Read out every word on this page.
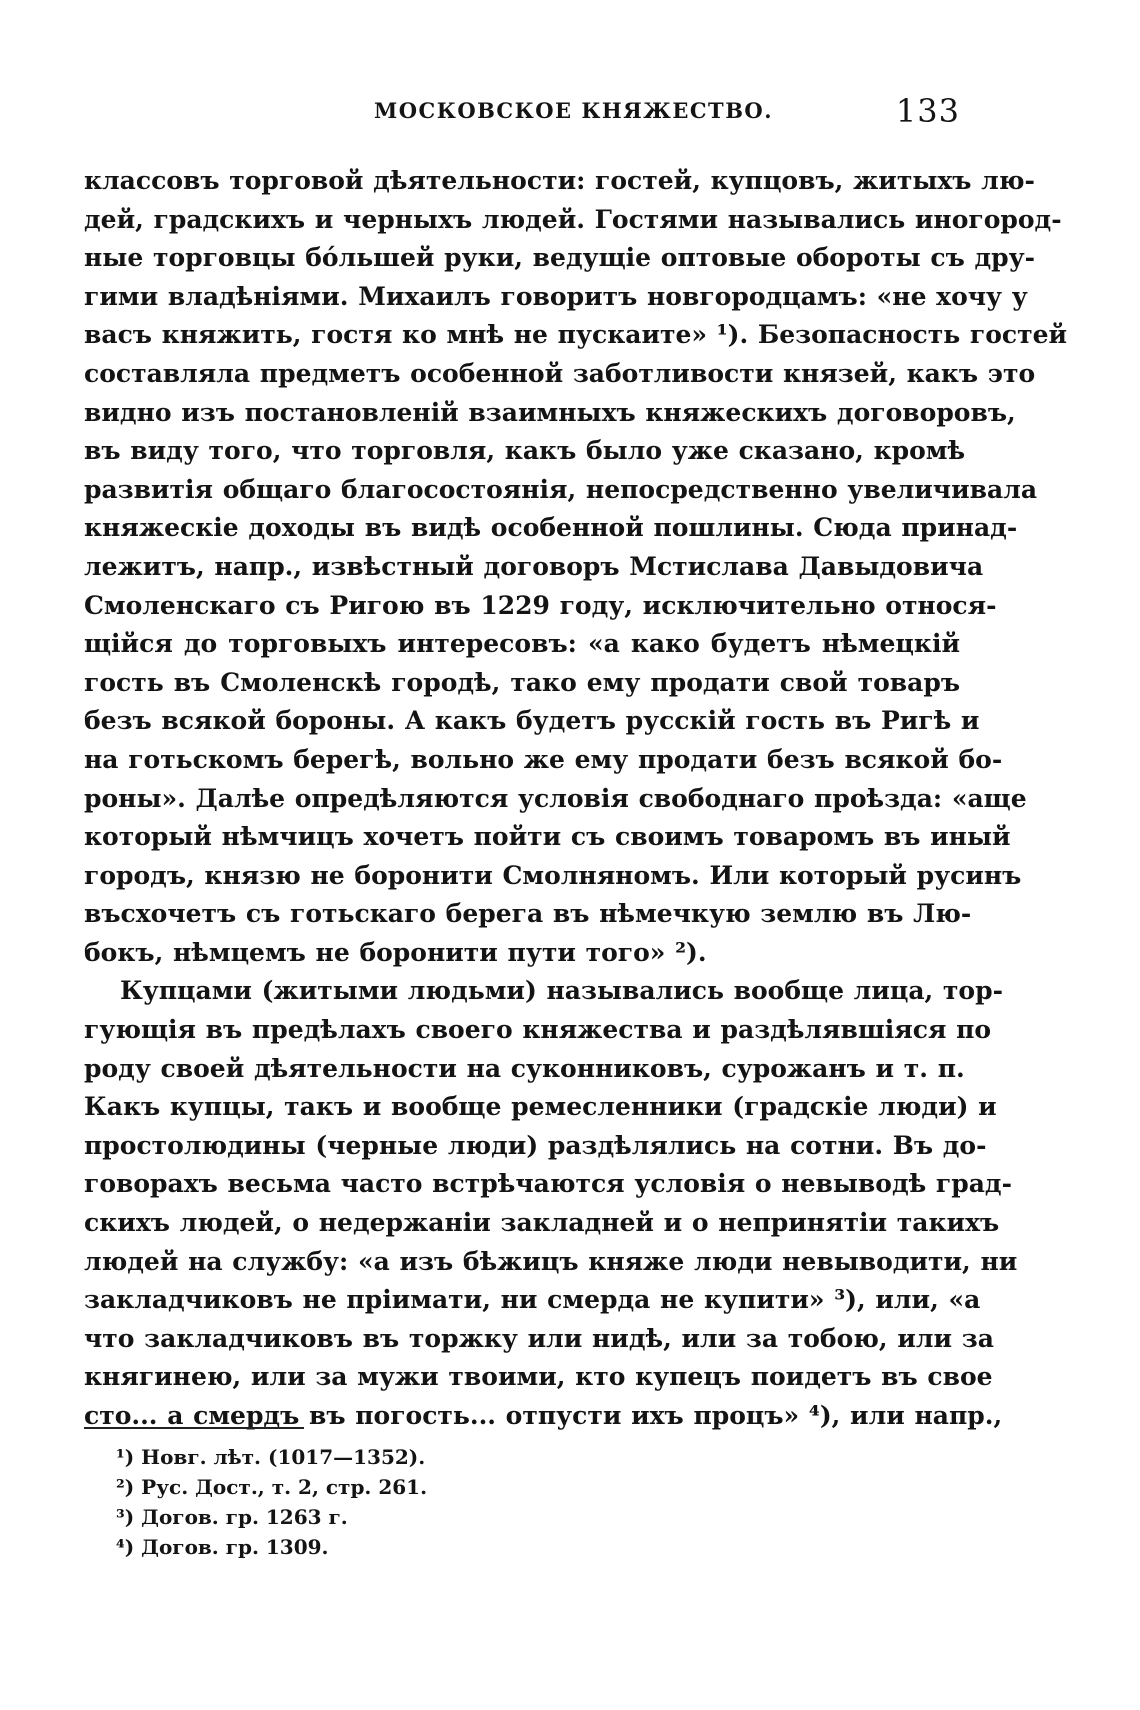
МОСКОВСКОЕ КНЯЖЕСТВО.	133
классовъ торговой дѣятельности: гостей, купцовъ, житыхъ лю-
дей, градскихъ и черныхъ людей. Гостями назывались иногород-
ные торговцы бóльшей руки, ведущіе оптовые обороты съ дру-
гими владѣніями. Михаилъ говоритъ новгородцамъ: «не хочу у
васъ княжить, гостя ко мнѣ не пускаите» ¹). Безопасность гостей
составляла предметъ особенной заботливости князей, какъ это
видно изъ постановленій взаимныхъ княжескихъ договоровъ,
въ виду того, что торговля, какъ было уже сказано, кромѣ
развитія общаго благосостоянія, непосредственно увеличивала
княжескіе доходы въ видѣ особенной пошлины. Сюда принад-
лежитъ, напр., извѣстный договоръ Мстислава Давыдовича
Смоленскаго съ Ригою въ 1229 году, исключительно относя-
щійся до торговыхъ интересовъ: «а како будетъ нѣмецкій
гость въ Смоленскѣ городѣ, тако ему продати свой товаръ
безъ всякой бороны. А какъ будетъ русскій гость въ Ригѣ и
на готьскомъ берегѣ, вольно же ему продати безъ всякой бо-
роны». Далѣе опредѣляются условія свободнаго проѣзда: «аще
который нѣмчицъ хочетъ пойти съ своимъ товаромъ въ иный
городъ, князю не боронити Смолняномъ. Или который русинъ
въсхочетъ съ готьскаго берега въ нѣмечкую землю въ Лю-
бокъ, нѣмцемъ не боронити пути того» ²).
Купцами (житыми людьми) назывались вообще лица, тор-
гующія въ предѣлахъ своего княжества и раздѣлявшіяся по
роду своей дѣятельности на суконниковъ, сурожанъ и т. п.
Какъ купцы, такъ и вообще ремесленники (градскіе люди) и
простолюдины (черные люди) раздѣлялись на сотни. Въ до-
говорахъ весьма часто встрѣчаются условія о невыводѣ град-
скихъ людей, о недержаніи закладней и о непринятіи такихъ
людей на службу: «а изъ бѣжицъ княже люди невыводити, ни
закладчиковъ не пріимати, ни смерда не купити» ³), или, «а
что закладчиковъ въ торжку или нидѣ, или за тобою, или за
княгинею, или за мужи твоими, кто купецъ поидетъ въ свое
сто... а смердъ въ погость... отпусти ихъ процъ» ⁴), или напр.,
¹) Новг. лѣт. (1017—1352).
²) Рус. Дост., т. 2, стр. 261.
³) Догов. гр. 1263 г.
⁴) Догов. гр. 1309.
